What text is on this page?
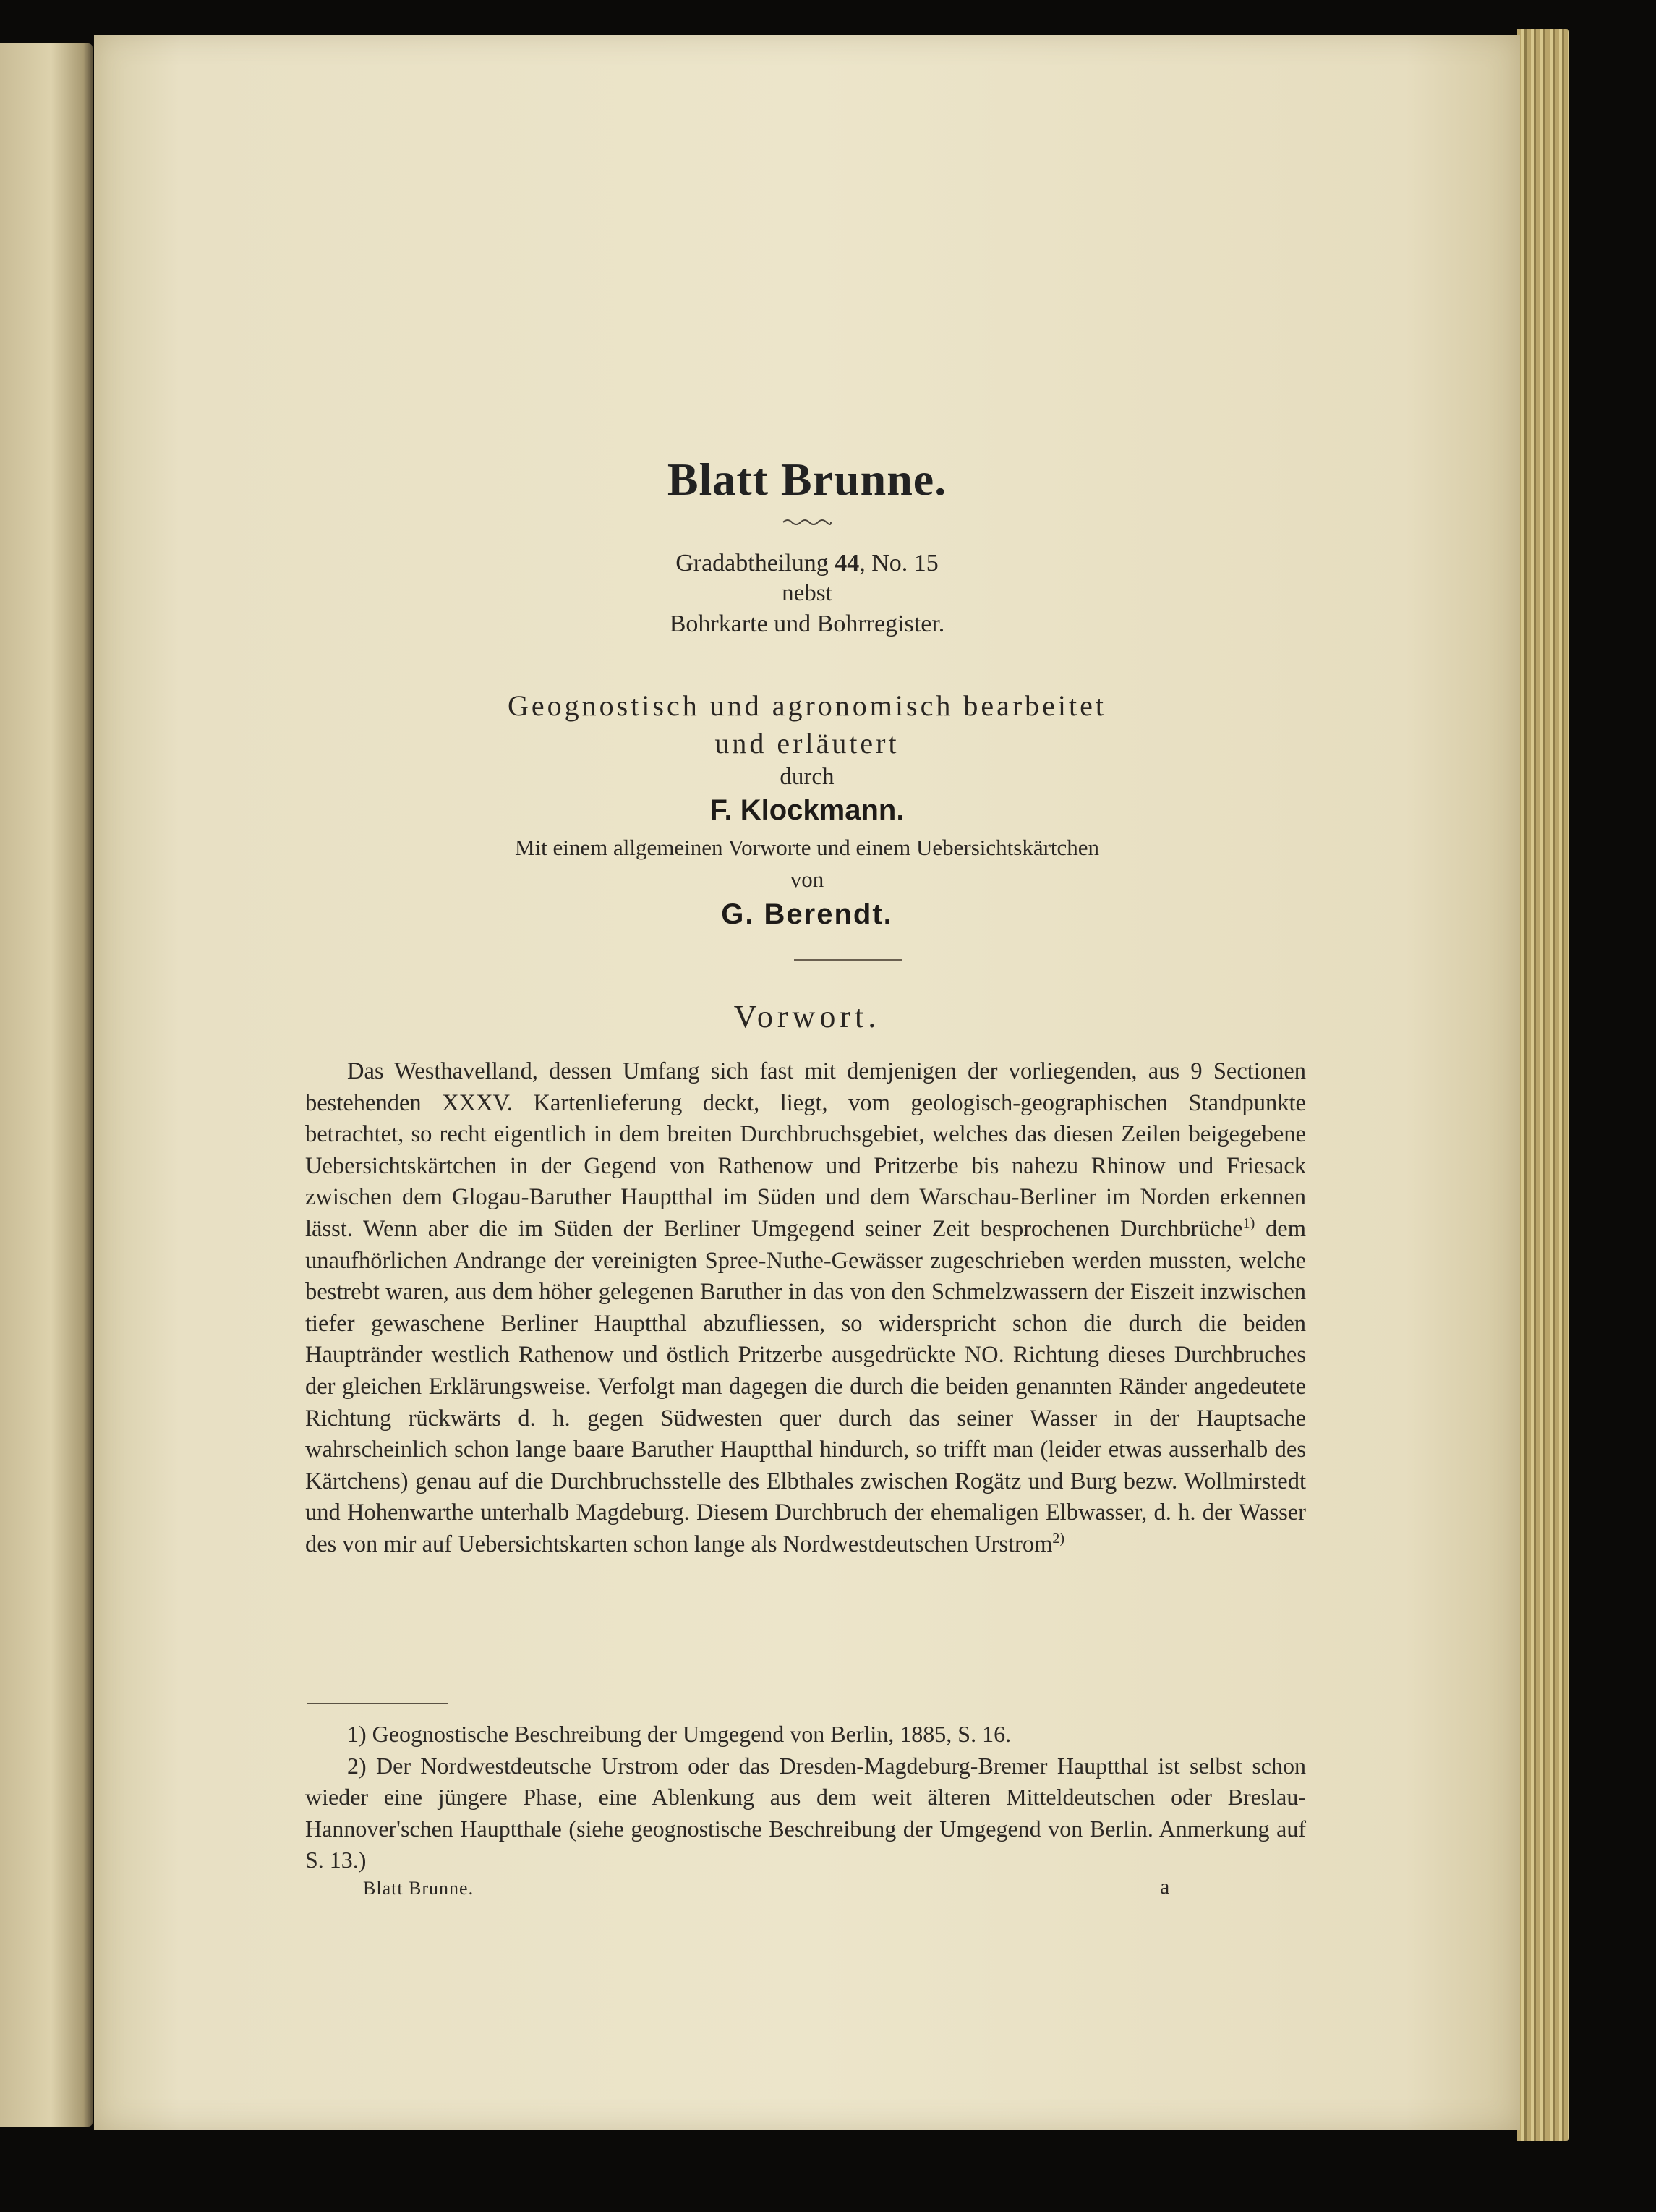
Blatt Brunne.
Gradabtheilung 44, No. 15
nebst
Bohrkarte und Bohrregister.
Geognostisch und agronomisch bearbeitet
und erläutert
durch
F. Klockmann.
Mit einem allgemeinen Vorworte und einem Uebersichtskärtchen
von
G. Berendt.
Vorwort.

Das Westhavelland, dessen Umfang sich fast mit demjenigen der vorliegenden, aus 9 Sectionen bestehenden XXXV. Kartenlieferung deckt, liegt, vom geologisch-geographischen Standpunkte betrachtet, so recht eigentlich in dem breiten Durchbruchsgebiet, welches das diesen Zeilen beigegebene Uebersichtskärtchen in der Gegend von Rathenow und Pritzerbe bis nahezu Rhinow und Friesack zwischen dem Glogau-Baruther Hauptthal im Süden und dem Warschau-Berliner im Norden erkennen lässt. Wenn aber die im Süden der Berliner Umgegend seiner Zeit besprochenen Durchbrüche$^{1)}$ dem unaufhörlichen Andrange der vereinigten Spree-Nuthe-Gewässer zugeschrieben werden mussten, welche bestrebt waren, aus dem höher gelegenen Baruther in das von den Schmelzwassern der Eiszeit inzwischen tiefer gewaschene Berliner Hauptthal abzufliessen, so widerspricht schon die durch die beiden Hauptränder westlich Rathenow und östlich Pritzerbe ausgedrückte NO. Richtung dieses Durchbruches der gleichen Erklärungsweise. Verfolgt man dagegen die durch die beiden genannten Ränder angedeutete Richtung rückwärts d. h. gegen Südwesten quer durch das seiner Wasser in der Hauptsache wahrscheinlich schon lange baare Baruther Hauptthal hindurch, so trifft man (leider etwas ausserhalb des Kärtchens) genau auf die Durchbruchsstelle des Elbthales zwischen Rogätz und Burg bezw. Wollmirstedt und Hohenwarthe unterhalb Magdeburg. Diesem Durchbruch der ehemaligen Elbwasser, d. h. der Wasser des von mir auf Uebersichtskarten schon lange als Nordwestdeutschen Urstrom$^{2)}$

1) Geognostische Beschreibung der Umgegend von Berlin, 1885, S. 16.

2) Der Nordwestdeutsche Urstrom oder das Dresden-Magdeburg-Bremer Hauptthal ist selbst schon wieder eine jüngere Phase, eine Ablenkung aus dem weit älteren Mitteldeutschen oder Breslau-Hannover'schen Hauptthale (siehe geognostische Beschreibung der Umgegend von Berlin. Anmerkung auf S. 13.)

Blatt Brunne.	a
